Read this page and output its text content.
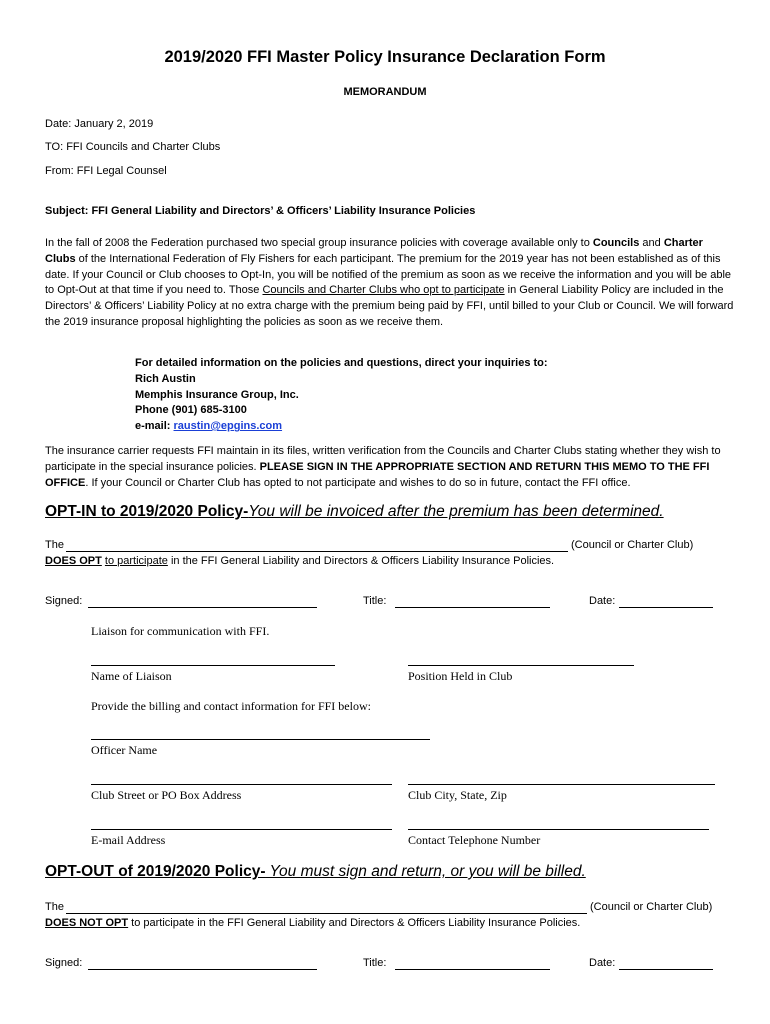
2019/2020 FFI Master Policy Insurance Declaration Form
MEMORANDUM
Date: January 2, 2019
TO: FFI Councils and Charter Clubs
From: FFI Legal Counsel
Subject: FFI General Liability and Directors’ & Officers’ Liability Insurance Policies
In the fall of 2008 the Federation purchased two special group insurance policies with coverage available only to Councils and Charter Clubs of the International Federation of Fly Fishers for each participant. The premium for the 2019 year has not been established as of this date. If your Council or Club chooses to Opt-In, you will be notified of the premium as soon as we receive the information and you will be able to Opt-Out at that time if you need to. Those Councils and Charter Clubs who opt to participate in General Liability Policy are included in the Directors’ & Officers’ Liability Policy at no extra charge with the premium being paid by FFI, until billed to your Club or Council. We will forward the 2019 insurance proposal highlighting the policies as soon as we receive them.
For detailed information on the policies and questions, direct your inquiries to:
Rich Austin
Memphis Insurance Group, Inc.
Phone (901) 685-3100
e-mail: raustin@epgins.com
The insurance carrier requests FFI maintain in its files, written verification from the Councils and Charter Clubs stating whether they wish to participate in the special insurance policies. PLEASE SIGN IN THE APPROPRIATE SECTION AND RETURN THIS MEMO TO THE FFI OFFICE. If your Council or Charter Club has opted to not participate and wishes to do so in future, contact the FFI office.
OPT-IN to 2019/2020 Policy-You will be invoiced after the premium has been determined.
The	(Council or Charter Club)
DOES OPT to participate in the FFI General Liability and Directors & Officers Liability Insurance Policies.
Signed:	Title:	Date:
Liaison for communication with FFI.
Name of Liaison	Position Held in Club
Provide the billing and contact information for FFI below:
Officer Name
Club Street or PO Box Address	Club City, State, Zip
E-mail Address	Contact Telephone Number
OPT-OUT of 2019/2020 Policy- You must sign and return, or you will be billed.
The	(Council or Charter Club)
DOES NOT OPT to participate in the FFI General Liability and Directors & Officers Liability Insurance Policies.
Signed:	Title:	Date:
